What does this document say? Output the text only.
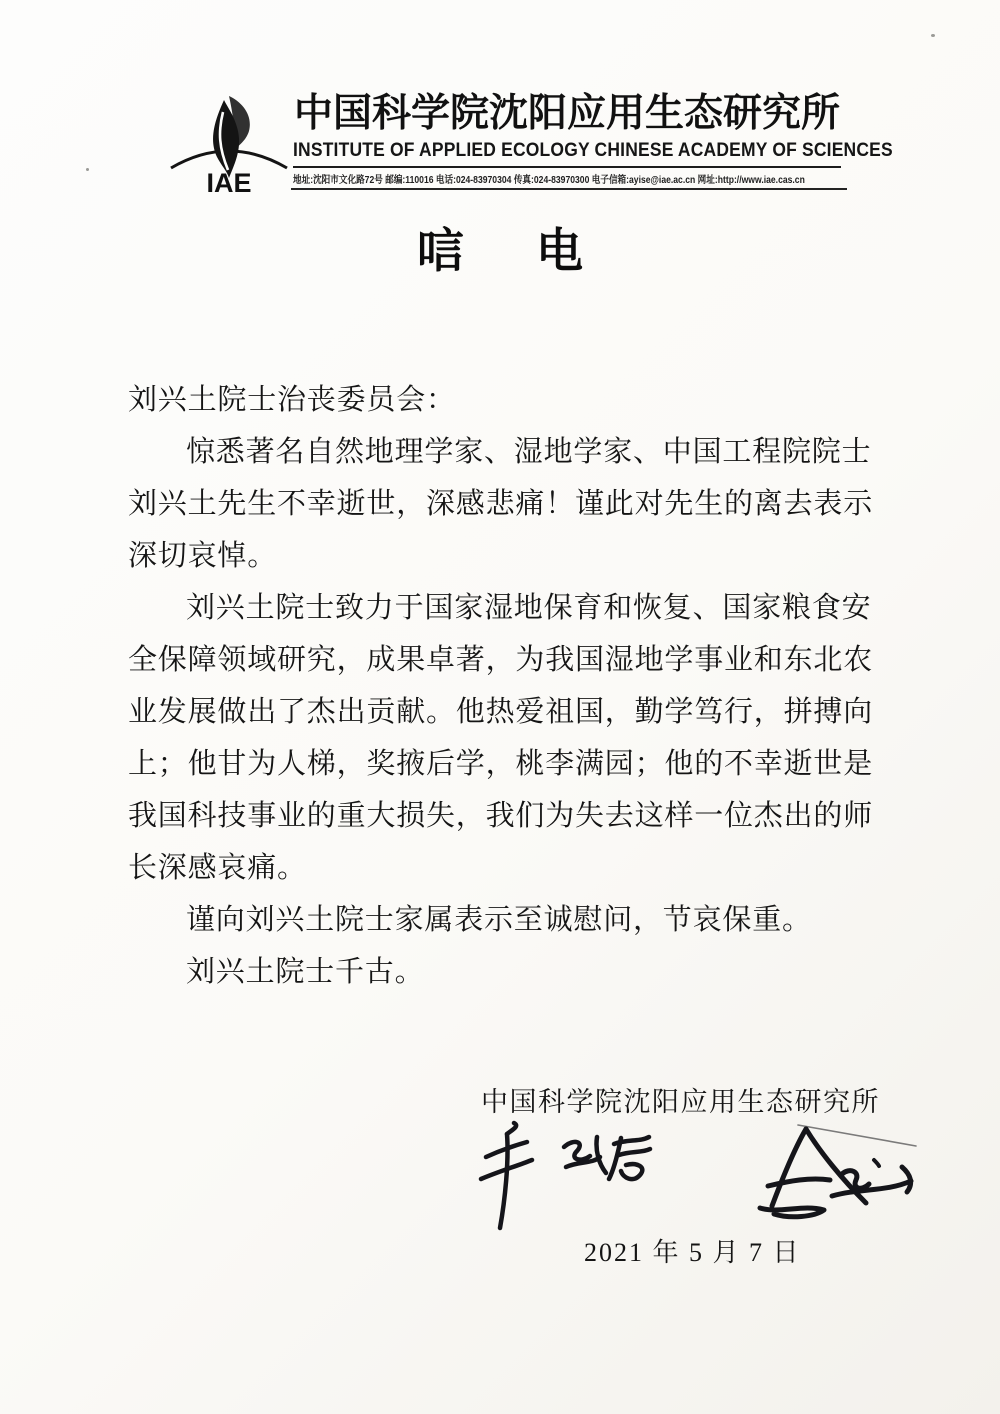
IAE
中国科学院沈阳应用生态研究所
INSTITUTE OF APPLIED ECOLOGY CHINESE ACADEMY OF SCIENCES
地址:沈阳市文化路72号 邮编:110016 电话:024-83970304 传真:024-83970300 电子信箱:ayise@iae.ac.cn 网址:http://www.iae.cas.cn
唁 电
刘兴土院士治丧委员会：
惊悉著名自然地理学家、湿地学家、中国工程院院士
刘兴土先生不幸逝世，深感悲痛！谨此对先生的离去表示
深切哀悼。
刘兴土院士致力于国家湿地保育和恢复、国家粮食安
全保障领域研究，成果卓著，为我国湿地学事业和东北农
业发展做出了杰出贡献。他热爱祖国，勤学笃行，拼搏向
上；他甘为人梯，奖掖后学，桃李满园；他的不幸逝世是
我国科技事业的重大损失，我们为失去这样一位杰出的师
长深感哀痛。
谨向刘兴土院士家属表示至诚慰问，节哀保重。
刘兴土院士千古。
中国科学院沈阳应用生态研究所
2021 年 5 月 7 日
